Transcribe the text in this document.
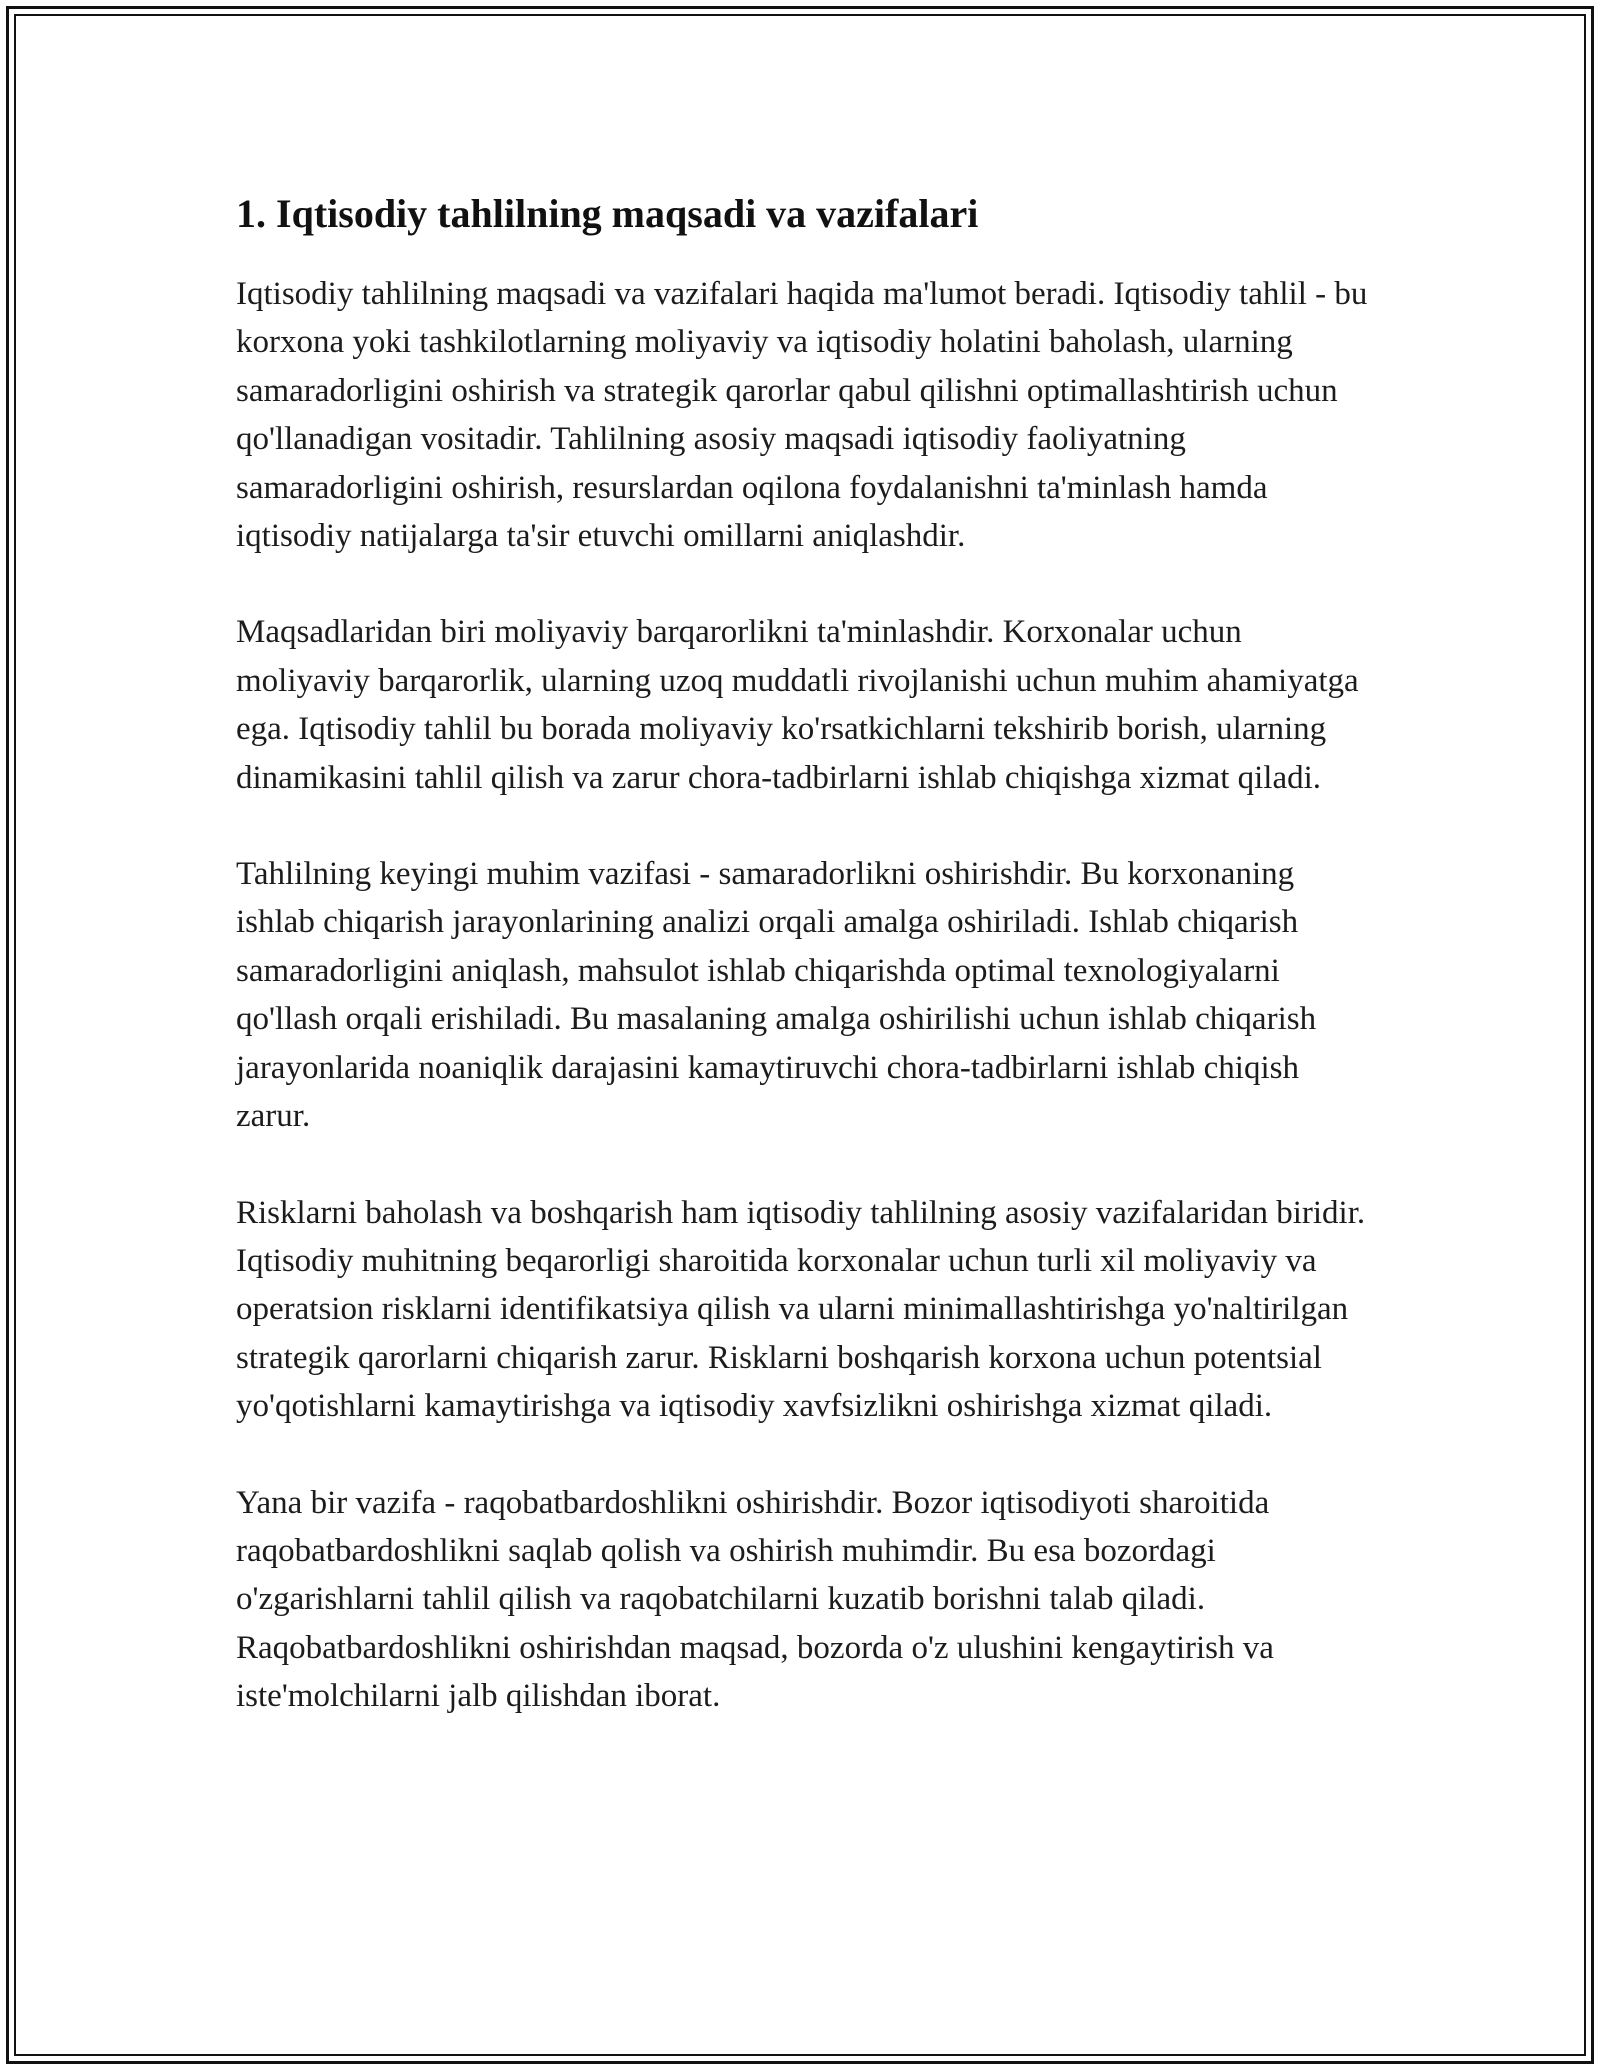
1. Iqtisodiy tahlilning maqsadi va vazifalari

Iqtisodiy tahlilning maqsadi va vazifalari haqida ma'lumot beradi. Iqtisodiy tahlil - bu korxona yoki tashkilotlarning moliyaviy va iqtisodiy holatini baholash, ularning samaradorligini oshirish va strategik qarorlar qabul qilishni optimallashtirish uchun qo'llanadigan vositadir. Tahlilning asosiy maqsadi iqtisodiy faoliyatning samaradorligini oshirish, resurslardan oqilona foydalanishni ta'minlash hamda iqtisodiy natijalarga ta'sir etuvchi omillarni aniqlashdir.

Maqsadlaridan biri moliyaviy barqarorlikni ta'minlashdir. Korxonalar uchun moliyaviy barqarorlik, ularning uzoq muddatli rivojlanishi uchun muhim ahamiyatga ega. Iqtisodiy tahlil bu borada moliyaviy ko'rsatkichlarni tekshirib borish, ularning dinamikasini tahlil qilish va zarur chora-tadbirlarni ishlab chiqishga xizmat qiladi.

Tahlilning keyingi muhim vazifasi - samaradorlikni oshirishdir. Bu korxonaning ishlab chiqarish jarayonlarining analizi orqali amalga oshiriladi. Ishlab chiqarish samaradorligini aniqlash, mahsulot ishlab chiqarishda optimal texnologiyalarni qo'llash orqali erishiladi. Bu masalaning amalga oshirilishi uchun ishlab chiqarish jarayonlarida noaniqlik darajasini kamaytiruvchi chora-tadbirlarni ishlab chiqish zarur.

Risklarni baholash va boshqarish ham iqtisodiy tahlilning asosiy vazifalaridan biridir. Iqtisodiy muhitning beqarorligi sharoitida korxonalar uchun turli xil moliyaviy va operatsion risklarni identifikatsiya qilish va ularni minimallashtirishga yo'naltirilgan strategik qarorlarni chiqarish zarur. Risklarni boshqarish korxona uchun potentsial yo'qotishlarni kamaytirishga va iqtisodiy xavfsizlikni oshirishga xizmat qiladi.

Yana bir vazifa - raqobatbardoshlikni oshirishdir. Bozor iqtisodiyoti sharoitida raqobatbardoshlikni saqlab qolish va oshirish muhimdir. Bu esa bozordagi o'zgarishlarni tahlil qilish va raqobatchilarni kuzatib borishni talab qiladi. Raqobatbardoshlikni oshirishdan maqsad, bozorda o'z ulushini kengaytirish va iste'molchilarni jalb qilishdan iborat.
